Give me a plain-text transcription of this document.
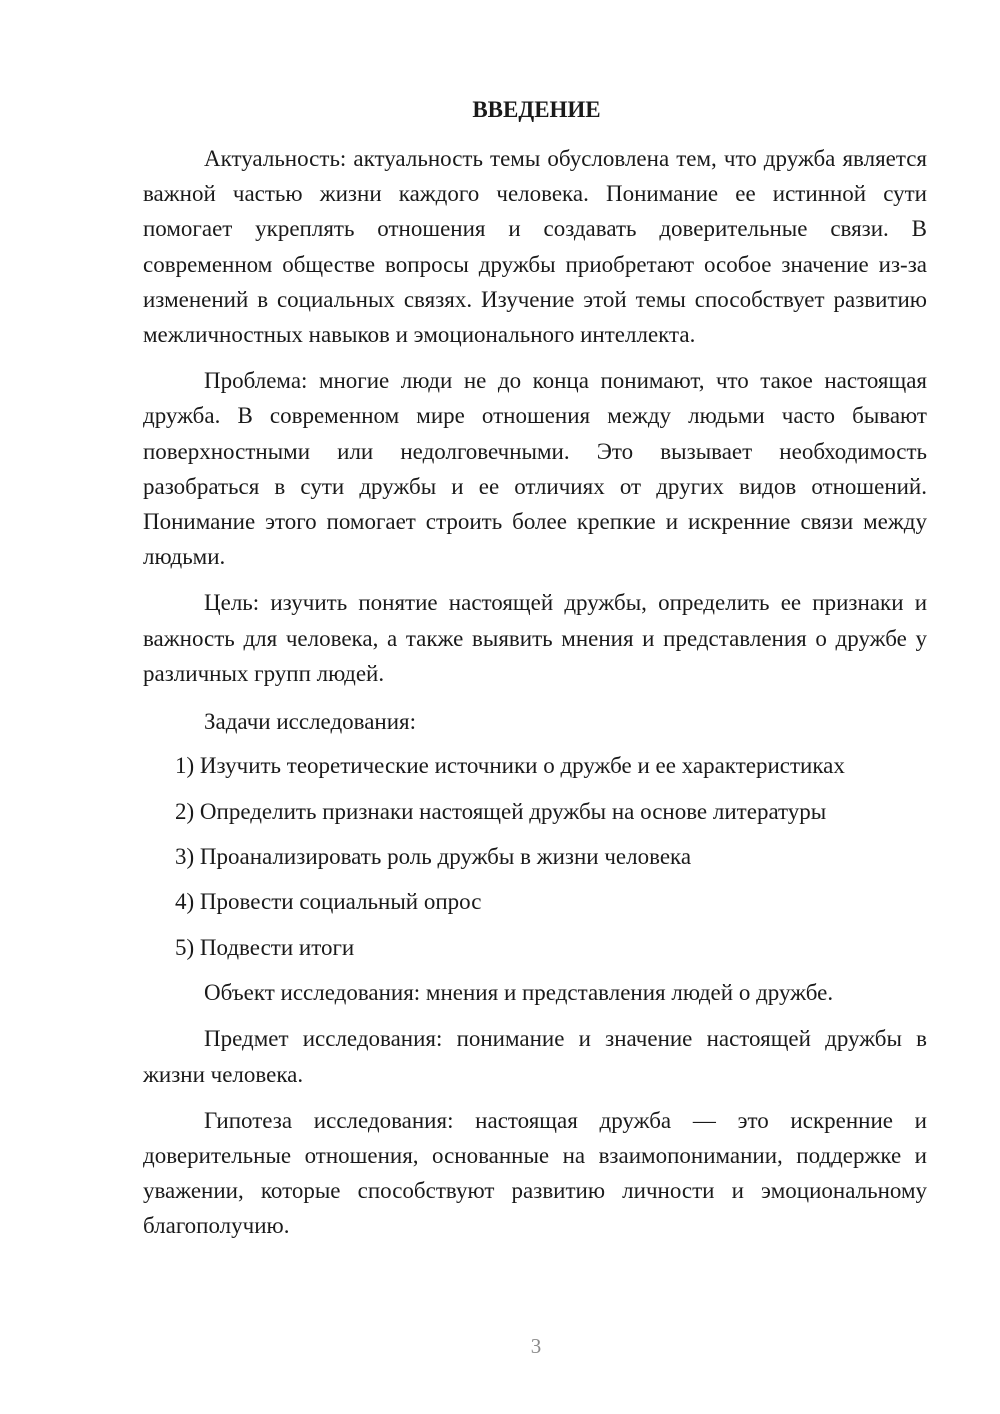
ВВЕДЕНИЕ

Актуальность: актуальность темы обусловлена тем, что дружба является важной частью жизни каждого человека. Понимание ее истинной сути помогает укреплять отношения и создавать доверительные связи. В современном обществе вопросы дружбы приобретают особое значение из-за изменений в социальных связях. Изучение этой темы способствует развитию межличностных навыков и эмоционального интеллекта.

Проблема: многие люди не до конца понимают, что такое настоящая дружба. В современном мире отношения между людьми часто бывают поверхностными или недолговечными. Это вызывает необходимость разобраться в сути дружбы и ее отличиях от других видов отношений. Понимание этого помогает строить более крепкие и искренние связи между людьми.

Цель: изучить понятие настоящей дружбы, определить ее признаки и важность для человека, а также выявить мнения и представления о дружбе у различных групп людей.

Задачи исследования:

1) Изучить теоретические источники о дружбе и ее характеристиках
2) Определить признаки настоящей дружбы на основе литературы
3) Проанализировать роль дружбы в жизни человека
4) Провести социальный опрос
5) Подвести итоги

Объект исследования: мнения и представления людей о дружбе.

Предмет исследования: понимание и значение настоящей дружбы в жизни человека.

Гипотеза исследования: настоящая дружба — это искренние и доверительные отношения, основанные на взаимопонимании, поддержке и уважении, которые способствуют развитию личности и эмоциональному благополучию.

3
